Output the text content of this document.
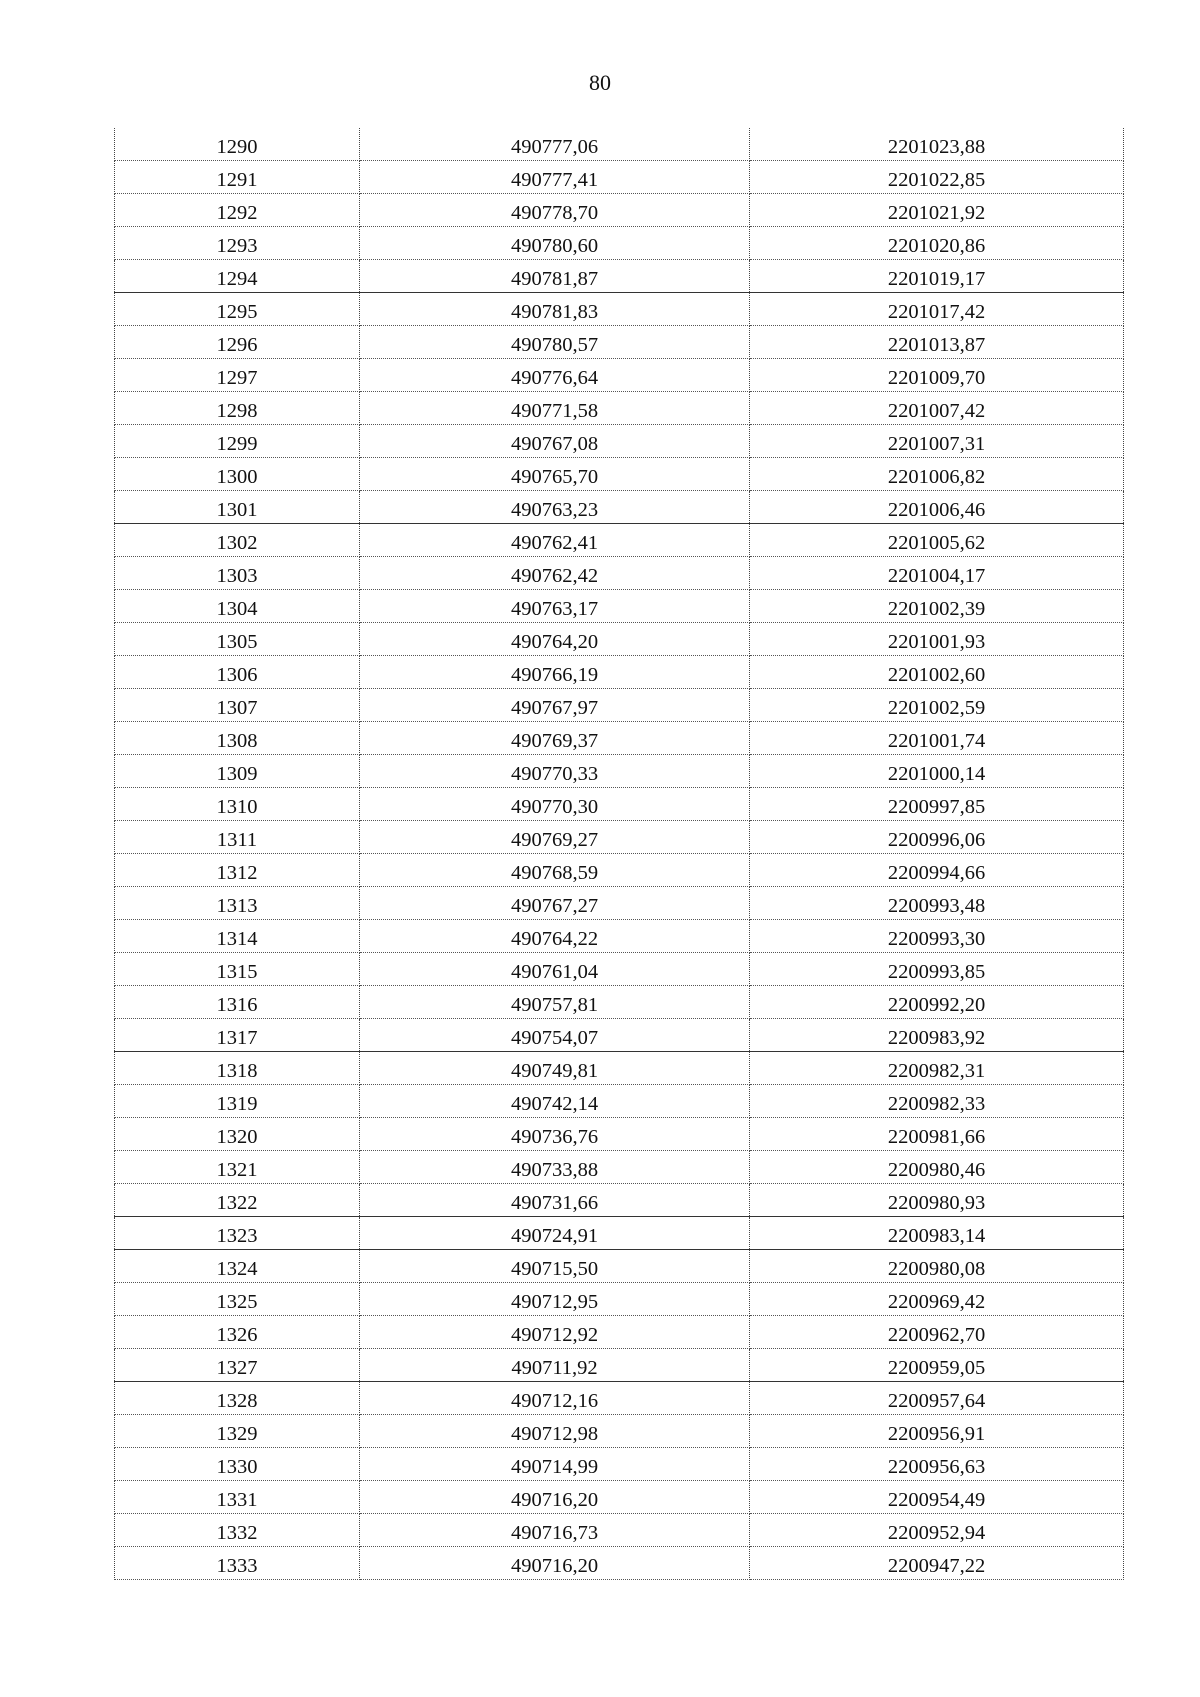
80
1290	490777,06	2201023,88
1291	490777,41	2201022,85
1292	490778,70	2201021,92
1293	490780,60	2201020,86
1294	490781,87	2201019,17
1295	490781,83	2201017,42
1296	490780,57	2201013,87
1297	490776,64	2201009,70
1298	490771,58	2201007,42
1299	490767,08	2201007,31
1300	490765,70	2201006,82
1301	490763,23	2201006,46
1302	490762,41	2201005,62
1303	490762,42	2201004,17
1304	490763,17	2201002,39
1305	490764,20	2201001,93
1306	490766,19	2201002,60
1307	490767,97	2201002,59
1308	490769,37	2201001,74
1309	490770,33	2201000,14
1310	490770,30	2200997,85
1311	490769,27	2200996,06
1312	490768,59	2200994,66
1313	490767,27	2200993,48
1314	490764,22	2200993,30
1315	490761,04	2200993,85
1316	490757,81	2200992,20
1317	490754,07	2200983,92
1318	490749,81	2200982,31
1319	490742,14	2200982,33
1320	490736,76	2200981,66
1321	490733,88	2200980,46
1322	490731,66	2200980,93
1323	490724,91	2200983,14
1324	490715,50	2200980,08
1325	490712,95	2200969,42
1326	490712,92	2200962,70
1327	490711,92	2200959,05
1328	490712,16	2200957,64
1329	490712,98	2200956,91
1330	490714,99	2200956,63
1331	490716,20	2200954,49
1332	490716,73	2200952,94
1333	490716,20	2200947,22
